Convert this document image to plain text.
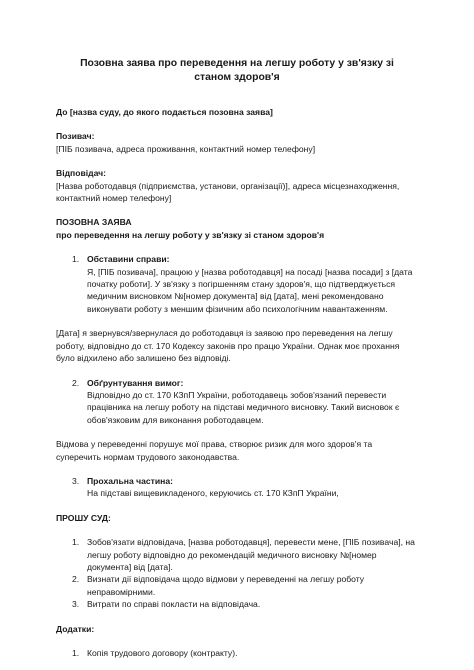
Позовна заява про переведення на легшу роботу у зв'язку зі станом здоров'я

До [назва суду, до якого подається позовна заява]

Позивач:

[ПІБ позивача, адреса проживання, контактний номер телефону]

Відповідач:

[Назва роботодавця (підприємства, установи, організації)], адреса місцезнаходження, контактний номер телефону]

ПОЗОВНА ЗАЯВА

про переведення на легшу роботу у зв'язку зі станом здоров'я

1. Обставини справи:
Я, [ПІБ позивача], працюю у [назва роботодавця] на посаді [назва посади] з [дата початку роботи]. У зв'язку з погіршенням стану здоров'я, що підтверджується медичним висновком №[номер документа] від [дата], мені рекомендовано виконувати роботу з меншим фізичним або психологічним навантаженням.

[Дата] я звернувся/звернулася до роботодавця із заявою про переведення на легшу роботу, відповідно до ст. 170 Кодексу законів про працю України. Однак моє прохання було відхилено або залишено без відповіді.

2. Обґрунтування вимог:
Відповідно до ст. 170 КЗпП України, роботодавець зобов'язаний перевести працівника на легшу роботу на підставі медичного висновку. Такий висновок є обов'язковим для виконання роботодавцем.

Відмова у переведенні порушує мої права, створює ризик для мого здоров'я та суперечить нормам трудового законодавства.

3. Прохальна частина:
На підставі вищевикладеного, керуючись ст. 170 КЗпП України,

ПРОШУ СУД:

1. Зобов'язати відповідача, [назва роботодавця], перевести мене, [ПІБ позивача], на легшу роботу відповідно до рекомендацій медичного висновку №[номер документа] від [дата].
2. Визнати дії відповідача щодо відмови у переведенні на легшу роботу неправомірними.
3. Витрати по справі покласти на відповідача.

Додатки:

1. Копія трудового договору (контракту).
